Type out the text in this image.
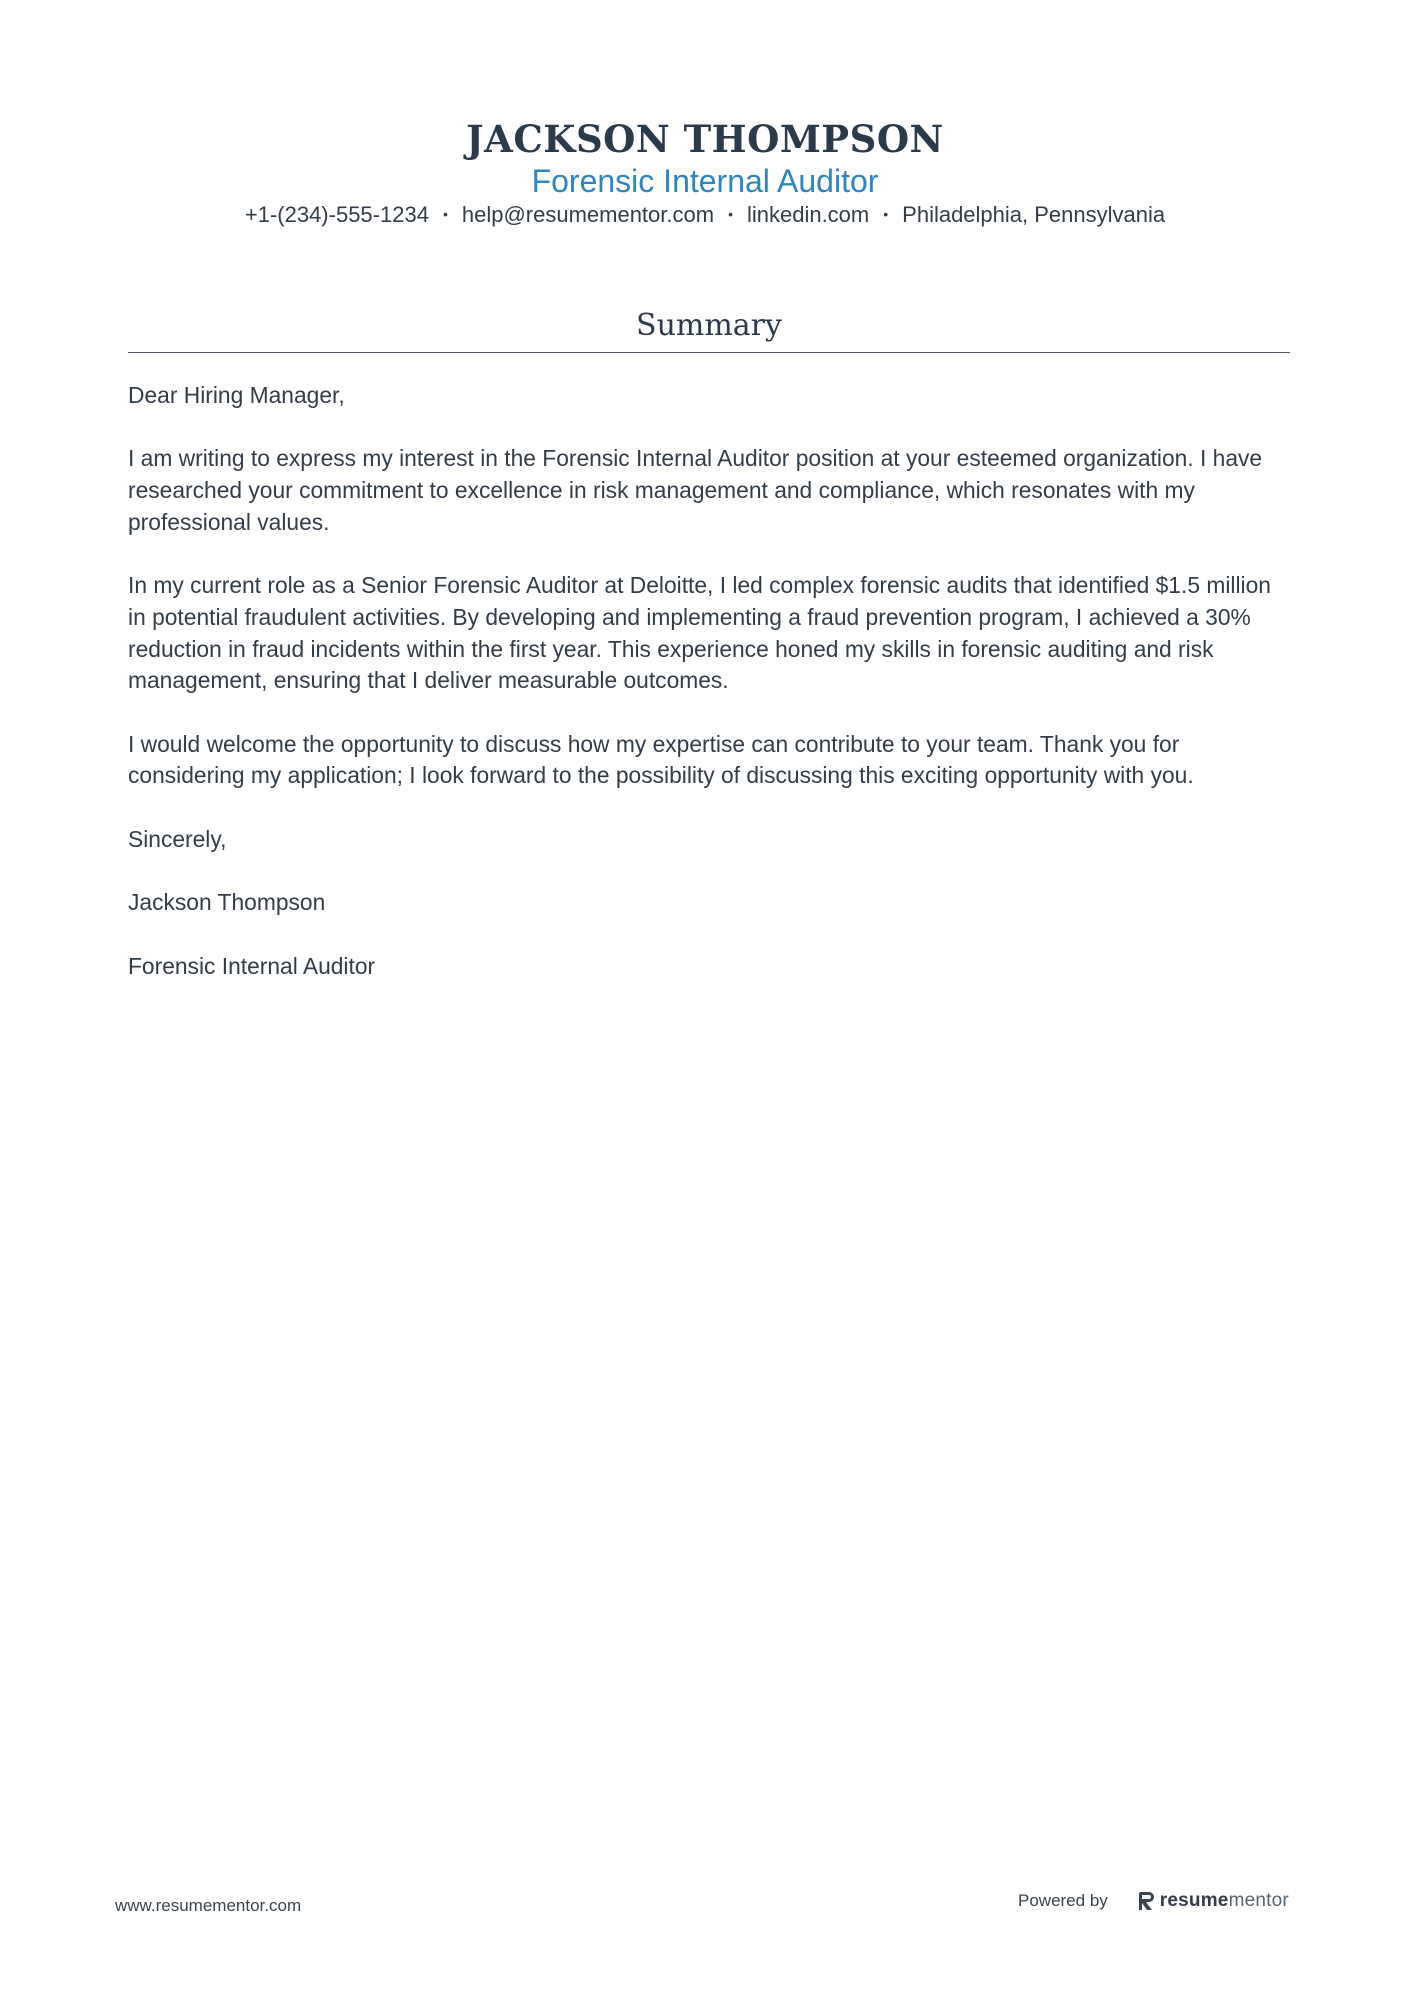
JACKSON THOMPSON
Forensic Internal Auditor
+1-(234)-555-1234 • help@resumementor.com • linkedin.com • Philadelphia, Pennsylvania
Summary

Dear Hiring Manager,

I am writing to express my interest in the Forensic Internal Auditor position at your esteemed organization. I have researched your commitment to excellence in risk management and compliance, which resonates with my professional values.

In my current role as a Senior Forensic Auditor at Deloitte, I led complex forensic audits that identified $1.5 million in potential fraudulent activities. By developing and implementing a fraud prevention program, I achieved a 30% reduction in fraud incidents within the first year. This experience honed my skills in forensic auditing and risk management, ensuring that I deliver measurable outcomes.

I would welcome the opportunity to discuss how my expertise can contribute to your team. Thank you for considering my application; I look forward to the possibility of discussing this exciting opportunity with you.

Sincerely,

Jackson Thompson

Forensic Internal Auditor

www.resumementor.com	Powered by	resumementor
